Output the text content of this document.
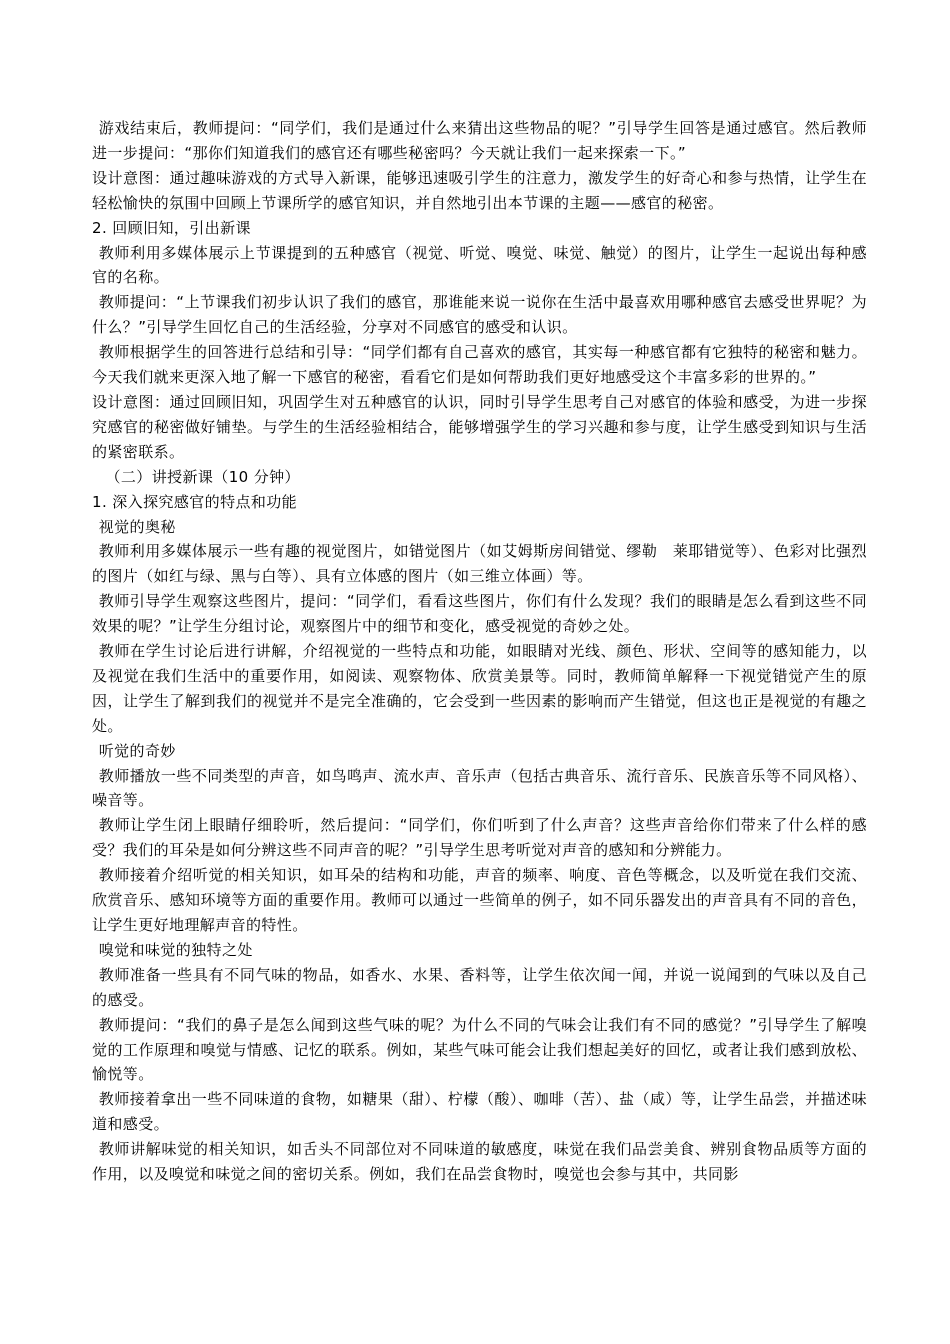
游戏结束后，教师提问：“同学们，我们是通过什么来猜出这些物品的呢？”引导学生回答是通过感官。然后教师进一步提问：“那你们知道我们的感官还有哪些秘密吗？今天就让我们一起来探索一下。”

设计意图：通过趣味游戏的方式导入新课，能够迅速吸引学生的注意力，激发学生的好奇心和参与热情，让学生在轻松愉快的氛围中回顾上节课所学的感官知识，并自然地引出本节课的主题——感官的秘密。

2. 回顾旧知，引出新课

教师利用多媒体展示上节课提到的五种感官（视觉、听觉、嗅觉、味觉、触觉）的图片，让学生一起说出每种感官的名称。

教师提问：“上节课我们初步认识了我们的感官，那谁能来说一说你在生活中最喜欢用哪种感官去感受世界呢？为什么？”引导学生回忆自己的生活经验，分享对不同感官的感受和认识。

教师根据学生的回答进行总结和引导：“同学们都有自己喜欢的感官，其实每一种感官都有它独特的秘密和魅力。今天我们就来更深入地了解一下感官的秘密，看看它们是如何帮助我们更好地感受这个丰富多彩的世界的。”

设计意图：通过回顾旧知，巩固学生对五种感官的认识，同时引导学生思考自己对感官的体验和感受，为进一步探究感官的秘密做好铺垫。与学生的生活经验相结合，能够增强学生的学习兴趣和参与度，让学生感受到知识与生活的紧密联系。

（二）讲授新课（10 分钟）

1. 深入探究感官的特点和功能

视觉的奥秘

教师利用多媒体展示一些有趣的视觉图片，如错觉图片（如艾姆斯房间错觉、缪勒　莱耶错觉等）、色彩对比强烈的图片（如红与绿、黑与白等）、具有立体感的图片（如三维立体画）等。

教师引导学生观察这些图片，提问：“同学们，看看这些图片，你们有什么发现？我们的眼睛是怎么看到这些不同效果的呢？”让学生分组讨论，观察图片中的细节和变化，感受视觉的奇妙之处。

教师在学生讨论后进行讲解，介绍视觉的一些特点和功能，如眼睛对光线、颜色、形状、空间等的感知能力，以及视觉在我们生活中的重要作用，如阅读、观察物体、欣赏美景等。同时，教师简单解释一下视觉错觉产生的原因，让学生了解到我们的视觉并不是完全准确的，它会受到一些因素的影响而产生错觉，但这也正是视觉的有趣之处。

听觉的奇妙

教师播放一些不同类型的声音，如鸟鸣声、流水声、音乐声（包括古典音乐、流行音乐、民族音乐等不同风格）、噪音等。

教师让学生闭上眼睛仔细聆听，然后提问：“同学们，你们听到了什么声音？这些声音给你们带来了什么样的感受？我们的耳朵是如何分辨这些不同声音的呢？”引导学生思考听觉对声音的感知和分辨能力。

教师接着介绍听觉的相关知识，如耳朵的结构和功能，声音的频率、响度、音色等概念，以及听觉在我们交流、欣赏音乐、感知环境等方面的重要作用。教师可以通过一些简单的例子，如不同乐器发出的声音具有不同的音色，让学生更好地理解声音的特性。

嗅觉和味觉的独特之处

教师准备一些具有不同气味的物品，如香水、水果、香料等，让学生依次闻一闻，并说一说闻到的气味以及自己的感受。

教师提问：“我们的鼻子是怎么闻到这些气味的呢？为什么不同的气味会让我们有不同的感觉？”引导学生了解嗅觉的工作原理和嗅觉与情感、记忆的联系。例如，某些气味可能会让我们想起美好的回忆，或者让我们感到放松、愉悦等。

教师接着拿出一些不同味道的食物，如糖果（甜）、柠檬（酸）、咖啡（苦）、盐（咸）等，让学生品尝，并描述味道和感受。

教师讲解味觉的相关知识，如舌头不同部位对不同味道的敏感度，味觉在我们品尝美食、辨别食物品质等方面的作用，以及嗅觉和味觉之间的密切关系。例如，我们在品尝食物时，嗅觉也会参与其中，共同影
